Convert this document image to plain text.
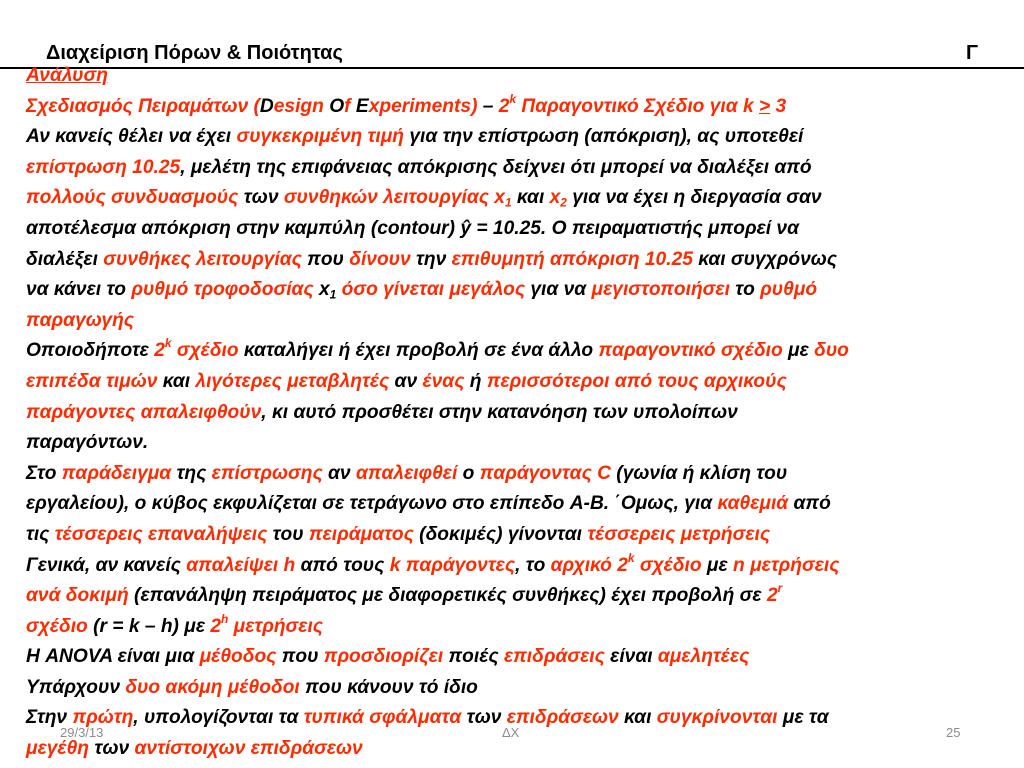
Διαχείριση Πόρων & Ποιότητας	Γ
Ανάλυση
Σχεδιασμός Πειραμάτων (Design Of Experiments) – 2$^k$ Παραγοντικό Σχέδιο για k > 3
Αν κανείς θέλει να έχει συγκεκριμένη τιμή για την επίστρωση (απόκριση), ας υποτεθεί
επίστρωση 10.25, μελέτη της επιφάνειας απόκρισης δείχνει ότι μπορεί να διαλέξει από
πολλούς συνδυασμούς των συνθηκών λειτουργίας $x_1$ και $x_2$ για να έχει η διεργασία σαν
αποτέλεσμα απόκριση στην καμπύλη (contour) ŷ = 10.25. Ο πειραματιστής μπορεί να
διαλέξει συνθήκες λειτουργίας που δίνουν την επιθυμητή απόκριση 10.25 και συγχρόνως
να κάνει το ρυθμό τροφοδοσίας $x_1$ όσο γίνεται μεγάλος για να μεγιστοποιήσει το ρυθμό
παραγωγής
Οποιοδήποτε 2$^k$ σχέδιο καταλήγει ή έχει προβολή σε ένα άλλο παραγοντικό σχέδιο με δυο
επιπέδα τιμών και λιγότερες μεταβλητές αν ένας ή περισσότεροι από τους αρχικούς
παράγοντες απαλειφθούν, κι αυτό προσθέτει στην κατανόηση των υπολοίπων
παραγόντων.
Στο παράδειγμα της επίστρωσης αν απαλειφθεί ο παράγοντας C (γωνία ή κλίση του
εργαλείου), ο κύβος εκφυλίζεται σε τετράγωνο στο επίπεδο A-B. ΄Ομως, για καθεμιά από
τις τέσσερεις επαναλήψεις του πειράματος (δοκιμές) γίνονται τέσσερεις μετρήσεις
Γενικά, αν κανείς απαλείψει h από τους k παράγοντες, το αρχικό 2$^k$ σχέδιο με n μετρήσεις
ανά δοκιμή (επανάληψη πειράματος με διαφορετικές συνθήκες) έχει προβολή σε 2$^r$
σχέδιο (r = k – h) με 2$^h$ μετρήσεις
Η ANOVA είναι μια μέθοδος που προσδιορίζει ποιές επιδράσεις είναι αμελητέες
Υπάρχουν δυο ακόμη μέθοδοι που κάνουν τό ίδιο
Στην πρώτη, υπολογίζονται τα τυπικά σφάλματα των επιδράσεων και συγκρίνονται με τα
μεγέθη των αντίστοιχων επιδράσεων
29/3/13	ΔΧ	25
